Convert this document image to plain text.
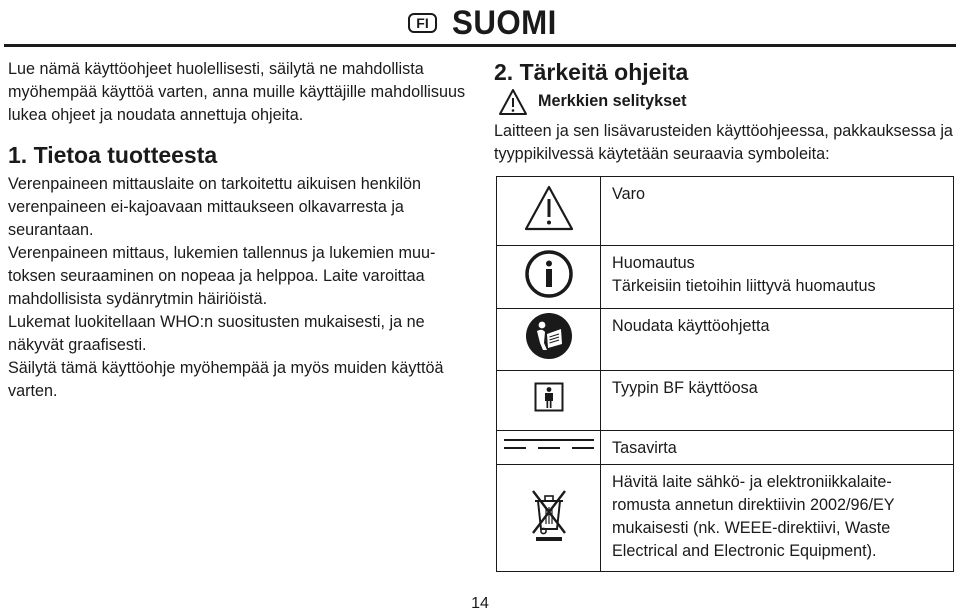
FI SUOMI

Lue nämä käyttöohjeet huolellisesti, säilytä ne mahdollista myöhempää käyttöä varten, anna muille käyttäjille mahdollisuus lukea ohjeet ja noudata annettuja ohjeita.

1. Tietoa tuotteesta

Verenpaineen mittauslaite on tarkoitettu aikuisen henkilön verenpaineen ei-kajoavaan mittaukseen olkavarresta ja seurantaan.

Verenpaineen mittaus, lukemien tallennus ja lukemien muutoksen seuraaminen on nopeaa ja helppoa. Laite varoittaa mahdollisista sydänrytmin häiriöistä.

Lukemat luokitellaan WHO:n suositusten mukaisesti, ja ne näkyvät graafisesti.

Säilytä tämä käyttöohje myöhempää ja myös muiden käyttöä varten.

2. Tärkeitä ohjeita
Merkkien selitykset

Laitteen ja sen lisävarusteiden käyttöohjeessa, pakkauksessa ja tyyppikilvessä käytetään seuraavia symboleita:

Varo

Huomautus
Tärkeisiin tietoihin liittyvä huomautus

Noudata käyttöohjetta

Tyypin BF käyttöosa

Tasavirta

Hävitä laite sähkö- ja elektroniikkalaiteromusta annetun direktiivin 2002/96/EY mukaisesti (nk. WEEE-direktiivi, Waste Electrical and Electronic Equipment).
14
